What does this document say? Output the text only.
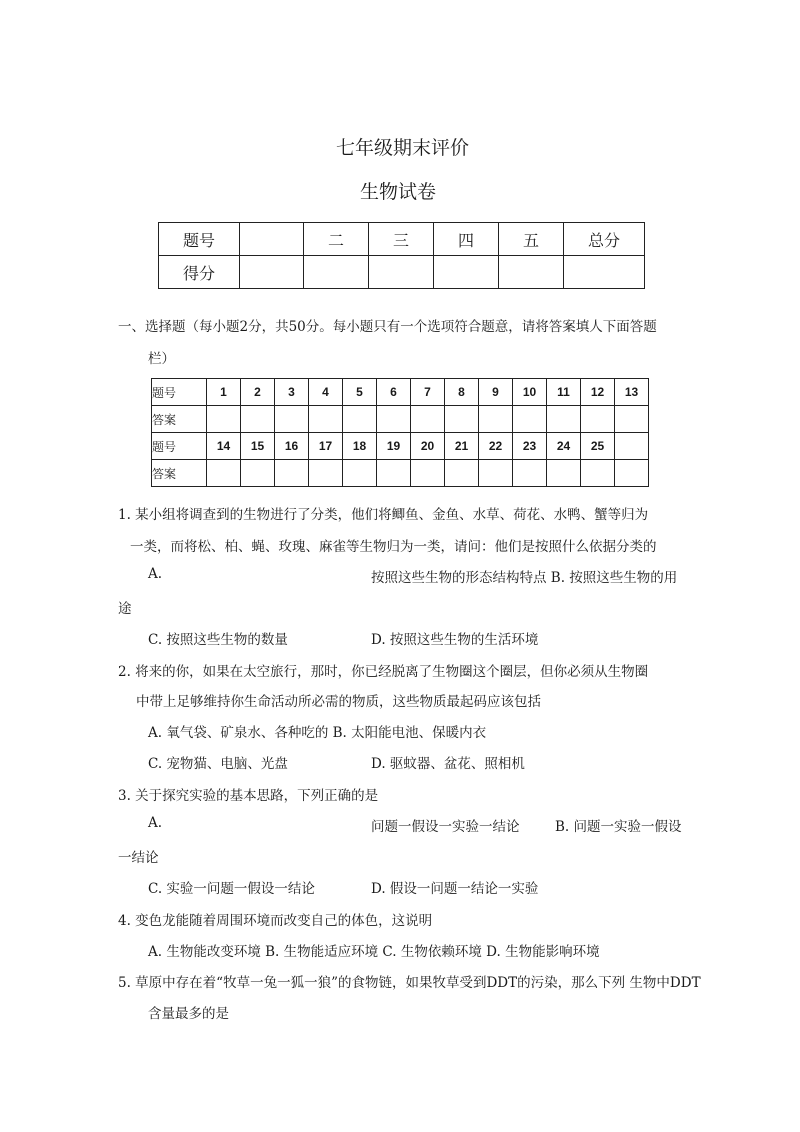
七年级期末评价
生物试卷
题号		二	三	四	五	总分
得分						
一、选择题（每小题2分，共50分。每小题只有一个选项符合题意，请将答案填人下面答题
栏）
题号	1	2	3	4	5	6	7	8	9	10	11	12	13
答案													
题号	14	15	16	17	18	19	20	21	22	23	24	25	
答案													
1. 某小组将调查到的生物进行了分类，他们将鲫鱼、金鱼、水草、荷花、水鸭、蟹等归为
一类，而将松、柏、蝇、玫瑰、麻雀等生物归为一类，请问：他们是按照什么依据分类的
A.	按照这些生物的形态结构特点 B. 按照这些生物的用
途
C. 按照这些生物的数量	D. 按照这些生物的生活环境
2. 将来的你，如果在太空旅行，那时，你已经脱离了生物圈这个圈层，但你必须从生物圈
中带上足够维持你生命活动所必需的物质，这些物质最起码应该包括
A. 氧气袋、矿泉水、各种吃的 B. 太阳能电池、保暖内衣
C. 宠物猫、电脑、光盘	D. 驱蚊器、盆花、照相机
3. 关于探究实验的基本思路，下列正确的是
A.	问题一假设一实验一结论	B. 问题一实验一假设
一结论
C. 实验一问题一假设一结论	D. 假设一问题一结论一实验
4. 变色龙能随着周围环境而改变自己的体色，这说明
A. 生物能改变环境 B. 生物能适应环境 C. 生物依赖环境 D. 生物能影响环境
5. 草原中存在着“牧草一兔一狐一狼”的食物链，如果牧草受到DDT的污染，那么下列 生物中DDT
含量最多的是
